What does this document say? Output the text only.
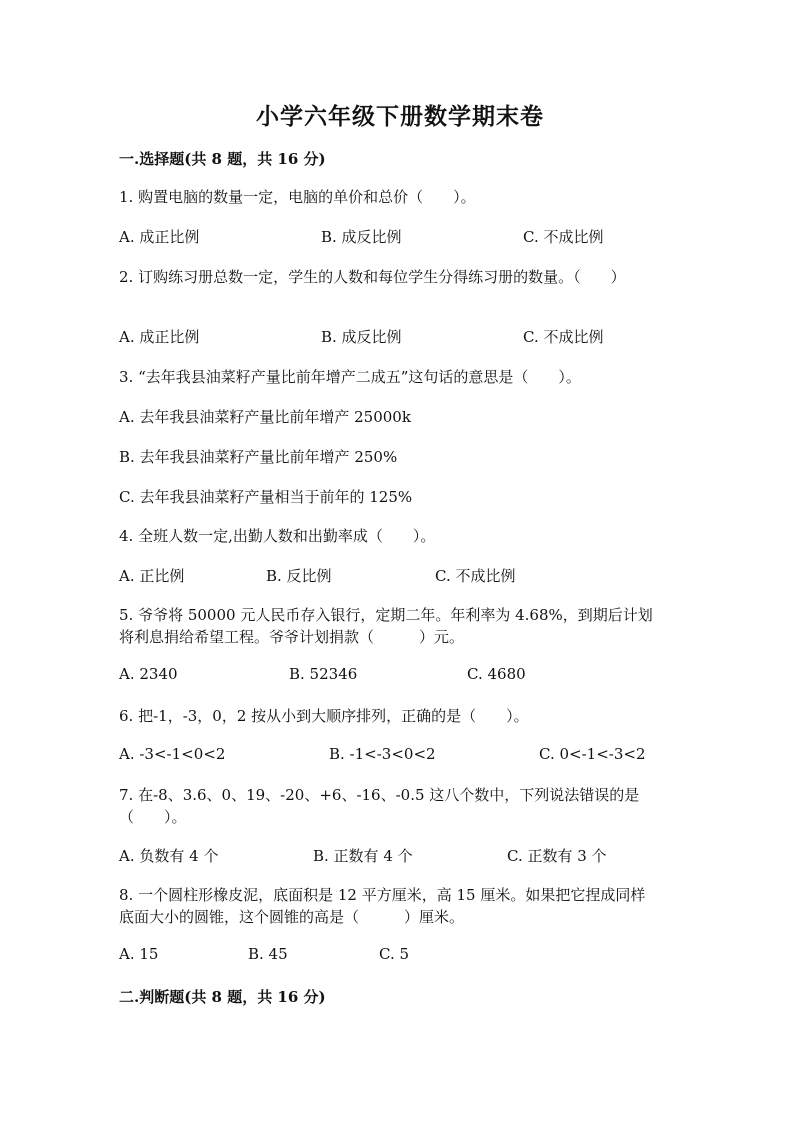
小学六年级下册数学期末卷
一.选择题(共 8 题，共 16 分)
1. 购置电脑的数量一定，电脑的单价和总价（　　）。
A. 成正比例	B. 成反比例	C. 不成比例
2. 订购练习册总数一定，学生的人数和每位学生分得练习册的数量。（　　）
A. 成正比例	B. 成反比例	C. 不成比例
3. “去年我县油菜籽产量比前年增产二成五”这句话的意思是（　　）。
A. 去年我县油菜籽产量比前年增产 25000k
B. 去年我县油菜籽产量比前年增产 250%
C. 去年我县油菜籽产量相当于前年的 125%
4. 全班人数一定,出勤人数和出勤率成（　　）。
A. 正比例	B. 反比例	C. 不成比例
5. 爷爷将 50000 元人民币存入银行，定期二年。年利率为 4.68%，到期后计划
将利息捐给希望工程。爷爷计划捐款（　　　）元。
A. 2340	B. 52346	C. 4680
6. 把-1，-3，0，2 按从小到大顺序排列，正确的是（　　）。
A. -3<-1<0<2	B. -1<-3<0<2	C. 0<-1<-3<2
7. 在-8、3.6、0、19、-20、+6、-16、-0.5 这八个数中，下列说法错误的是
（　　）。
A. 负数有 4 个	B. 正数有 4 个	C. 正数有 3 个
8. 一个圆柱形橡皮泥，底面积是 12 平方厘米，高 15 厘米。如果把它捏成同样
底面大小的圆锥，这个圆锥的高是（　　　）厘米。
A. 15	B. 45	C. 5
二.判断题(共 8 题，共 16 分)
